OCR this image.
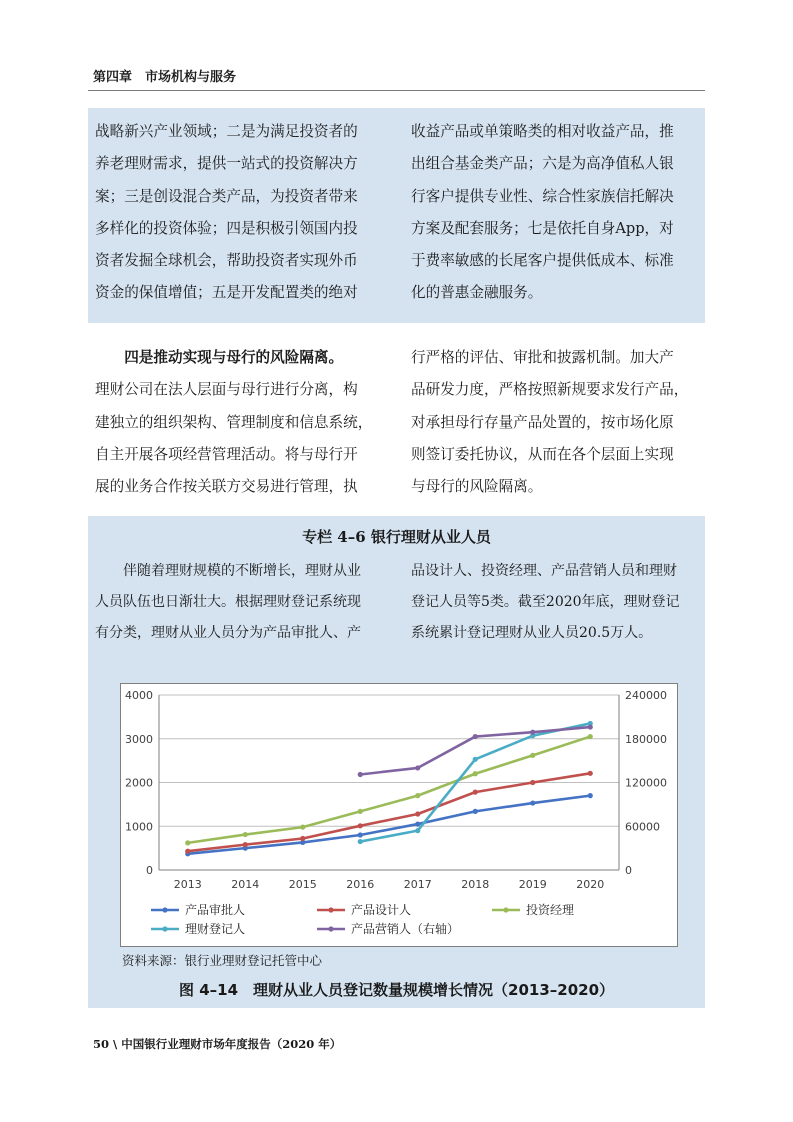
第四章　市场机构与服务

战略新兴产业领域；二是为满足投资者的

养老理财需求，提供一站式的投资解决方

案；三是创设混合类产品，为投资者带来

多样化的投资体验；四是积极引领国内投

资者发掘全球机会，帮助投资者实现外币

资金的保值增值；五是开发配置类的绝对

收益产品或单策略类的相对收益产品，推

出组合基金类产品；六是为高净值私人银

行客户提供专业性、综合性家族信托解决

方案及配套服务；七是依托自身App，对

于费率敏感的长尾客户提供低成本、标准

化的普惠金融服务。

四是推动实现与母行的风险隔离。

理财公司在法人层面与母行进行分离，构

建独立的组织架构、管理制度和信息系统，

自主开展各项经营管理活动。将与母行开

展的业务合作按关联方交易进行管理，执

行严格的评估、审批和披露机制。加大产

品研发力度，严格按照新规要求发行产品，

对承担母行存量产品处置的，按市场化原

则签订委托协议，从而在各个层面上实现

与母行的风险隔离。

专栏 4–6 银行理财从业人员

伴随着理财规模的不断增长，理财从业

人员队伍也日渐壮大。根据理财登记系统现

有分类，理财从业人员分为产品审批人、产

品设计人、投资经理、产品营销人员和理财

登记人员等5类。截至2020年底，理财登记

系统累计登记理财从业人员20.5万人。

0
1000
2000
3000
4000
0
60000
120000
180000
240000
2013	2014	2015	2016	2017	2018	2019	2020
产品审批人	产品设计人	投资经理
理财登记人	产品营销人（右轴）
资料来源：银行业理财登记托管中心
图 4–14　理财从业人员登记数量规模增长情况（2013–2020）
50 \ 中国银行业理财市场年度报告（2020 年）
